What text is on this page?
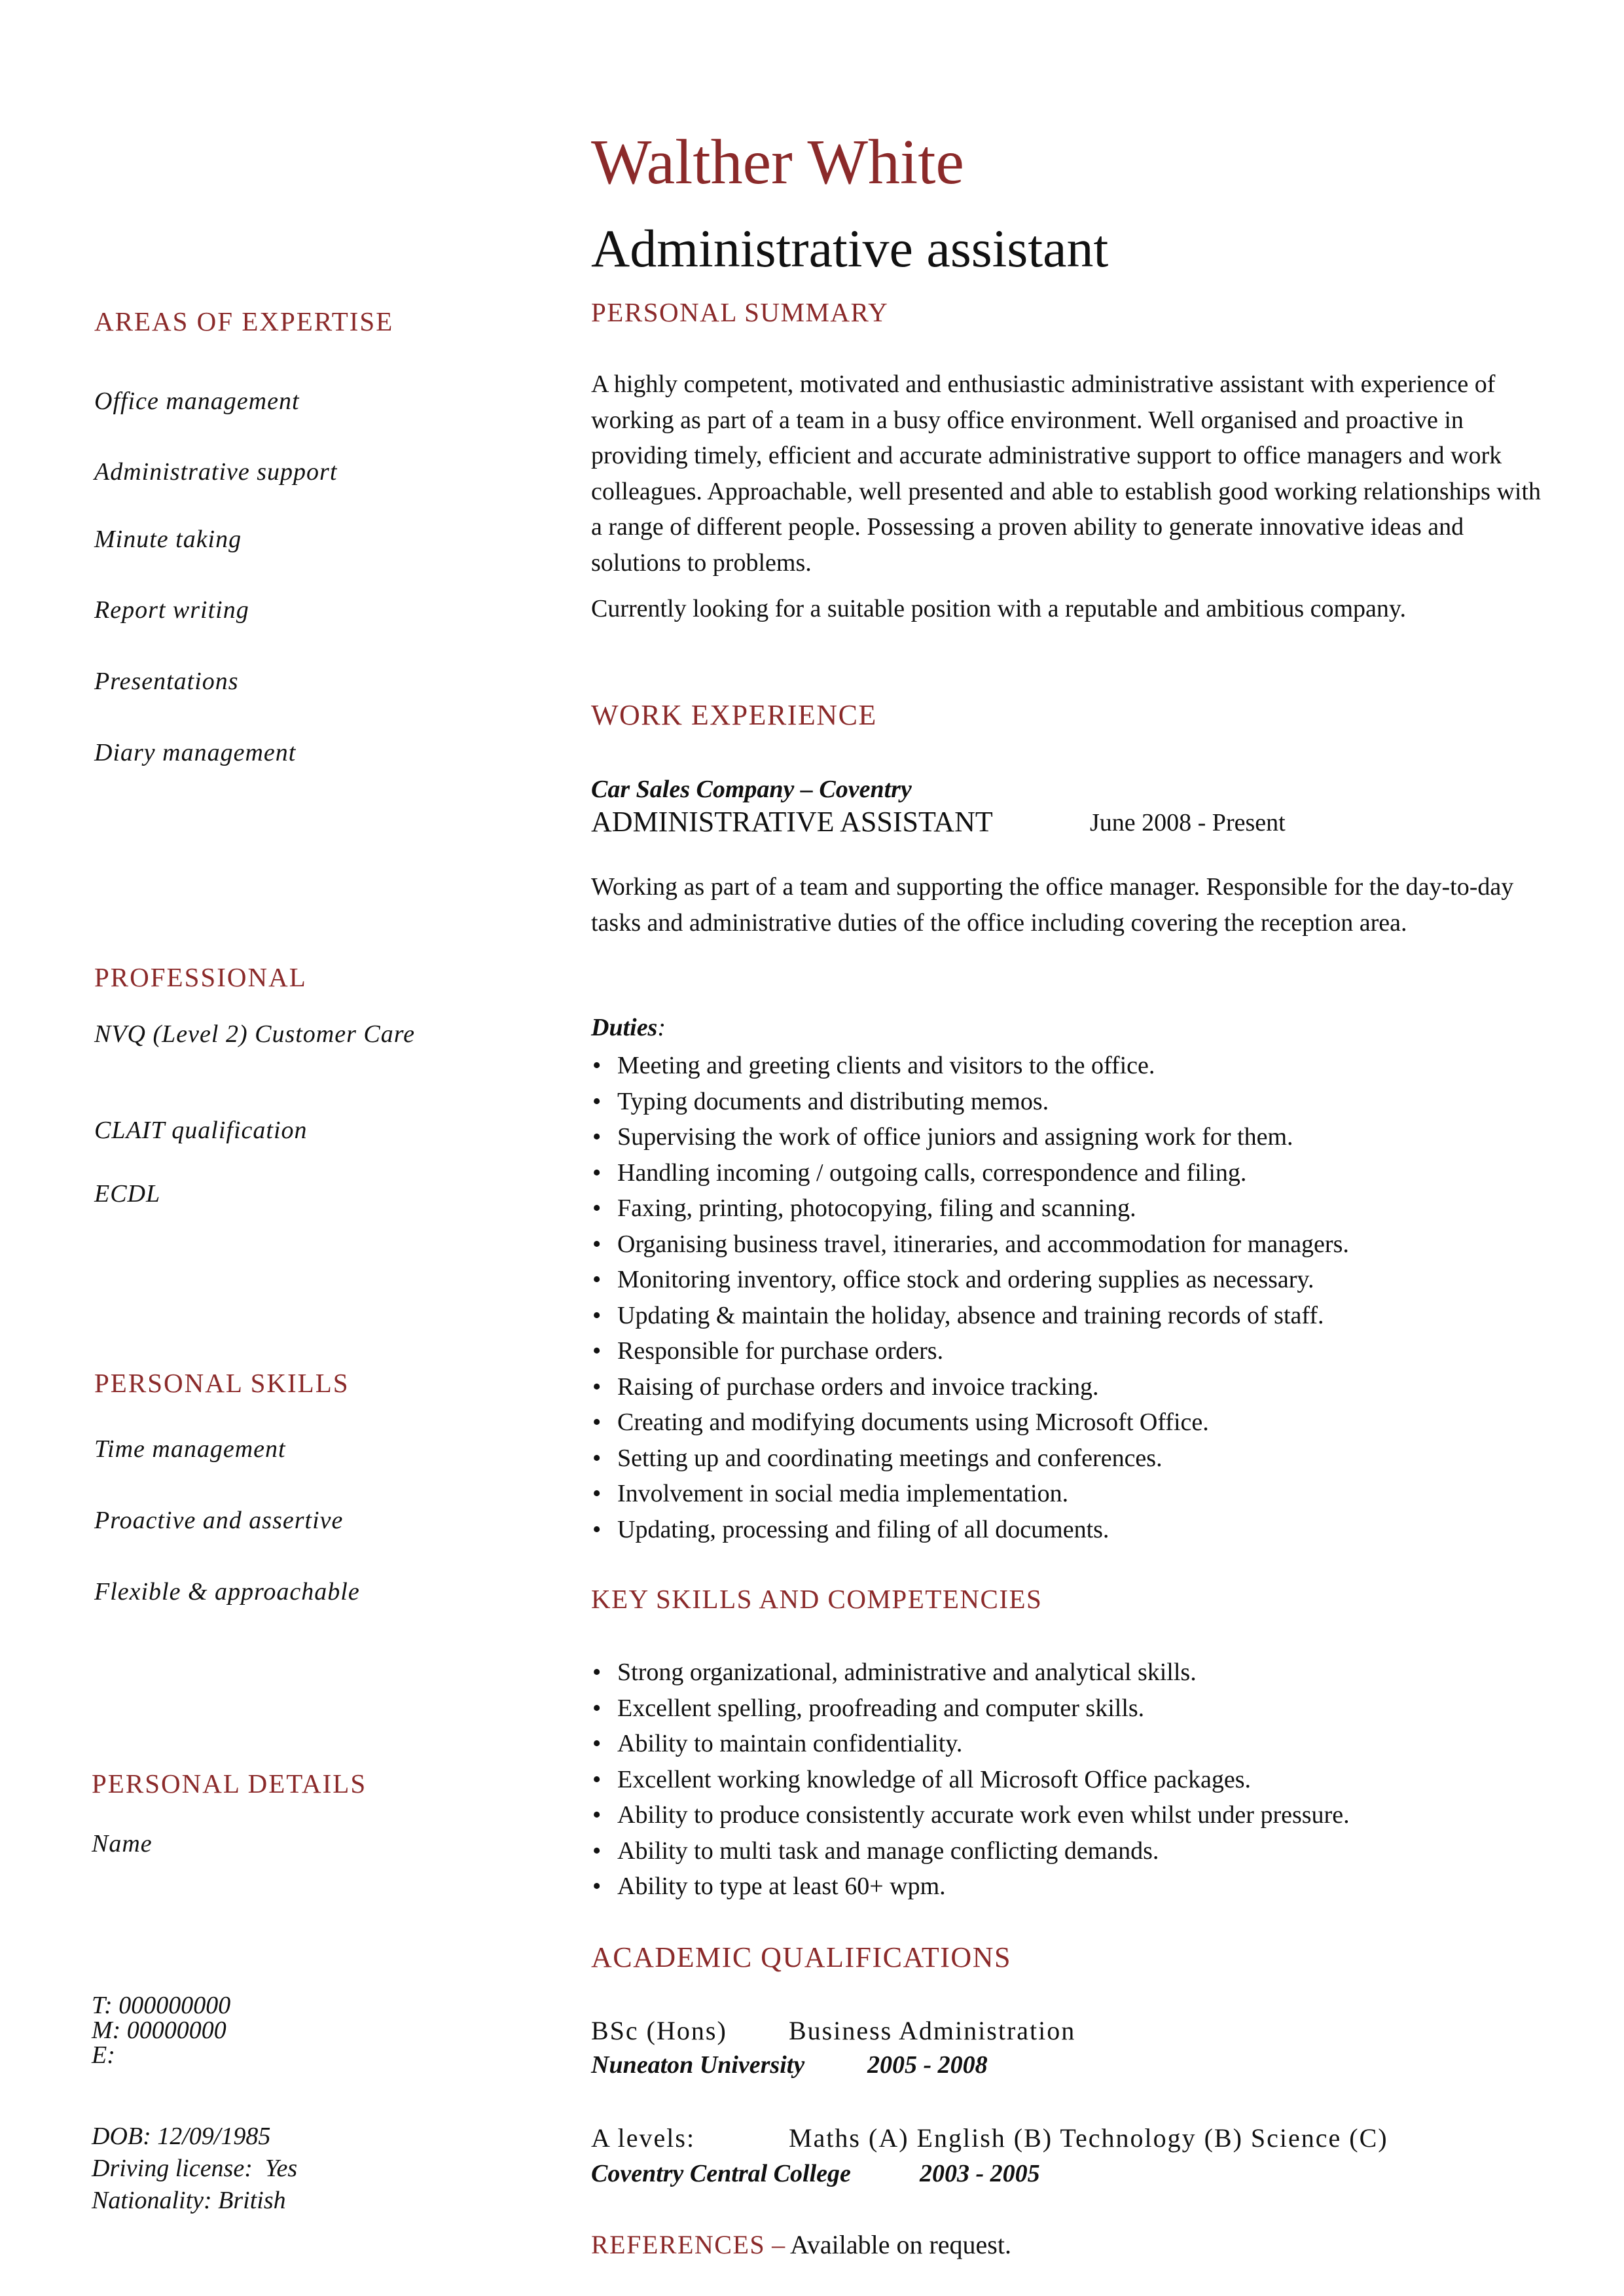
Walther White
Administrative assistant
AREAS OF EXPERTISE
Office management
Administrative support
Minute taking
Report writing
Presentations
Diary management
PROFESSIONAL
NVQ (Level 2) Customer Care
CLAIT qualification
ECDL
PERSONAL SKILLS
Time management
Proactive and assertive
Flexible & approachable
PERSONAL DETAILS
Name
T: 000000000
M: 00000000
E:
DOB: 12/09/1985
Driving license:  Yes
Nationality: British
PERSONAL SUMMARY

A highly competent, motivated and enthusiastic administrative assistant with experience of working as part of a team in a busy office environment. Well organised and proactive in providing timely, efficient and accurate administrative support to office managers and work colleagues. Approachable, well presented and able to establish good working relationships with a range of different people. Possessing a proven ability to generate innovative ideas and solutions to problems.

Currently looking for a suitable position with a reputable and ambitious company.

WORK EXPERIENCE
Car Sales Company – Coventry
ADMINISTRATIVE ASSISTANT	June 2008 - Present
Working as part of a team and supporting the office manager. Responsible for the day-to-day tasks and administrative duties of the office including covering the reception area.
Duties:
• Meeting and greeting clients and visitors to the office.
• Typing documents and distributing memos.
• Supervising the work of office juniors and assigning work for them.
• Handling incoming / outgoing calls, correspondence and filing.
• Faxing, printing, photocopying, filing and scanning.
• Organising business travel, itineraries, and accommodation for managers.
• Monitoring inventory, office stock and ordering supplies as necessary.
• Updating & maintain the holiday, absence and training records of staff.
• Responsible for purchase orders.
• Raising of purchase orders and invoice tracking.
• Creating and modifying documents using Microsoft Office.
• Setting up and coordinating meetings and conferences.
• Involvement in social media implementation.
• Updating, processing and filing of all documents.
KEY SKILLS AND COMPETENCIES
• Strong organizational, administrative and analytical skills.
• Excellent spelling, proofreading and computer skills.
• Ability to maintain confidentiality.
• Excellent working knowledge of all Microsoft Office packages.
• Ability to produce consistently accurate work even whilst under pressure.
• Ability to multi task and manage conflicting demands.
• Ability to type at least 60+ wpm.
ACADEMIC QUALIFICATIONS
BSc (Hons) Business Administration
Nuneaton University	2005 - 2008
A levels:	Maths (A) English (B) Technology (B) Science (C)
Coventry Central College	2003 - 2005
REFERENCES – Available on request.
